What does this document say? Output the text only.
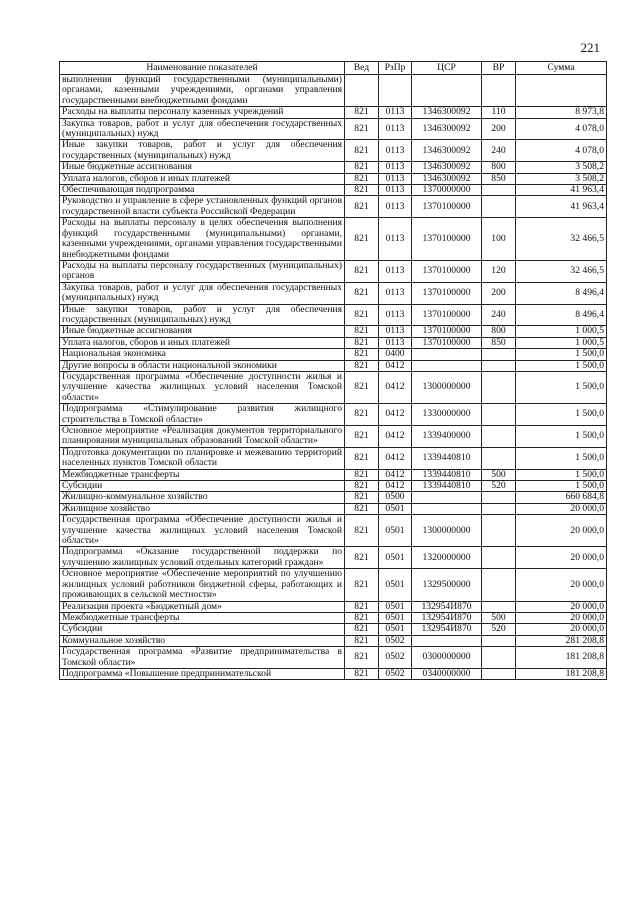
221
Наименование показателей	Вед	РзПр	ЦСР	ВР	Сумма
выполнения функций государственными (муниципальными) органами, казенными учреждениями, органами управления государственными внебюджетными фондами					
Расходы на выплаты персоналу казенных учреждений	821	0113	1346300092	110	8 973,8
Закупка товаров, работ и услуг для обеспечения государственных (муниципальных) нужд	821	0113	1346300092	200	4 078,0
Иные закупки товаров, работ и услуг для обеспечения государственных (муниципальных) нужд	821	0113	1346300092	240	4 078,0
Иные бюджетные ассигнования	821	0113	1346300092	800	3 508,2
Уплата налогов, сборов и иных платежей	821	0113	1346300092	850	3 508,2
Обеспечивающая подпрограмма	821	0113	1370000000		41 963,4
Руководство и управление в сфере установленных функций органов государственной власти субъекта Российской Федерации	821	0113	1370100000		41 963,4
Расходы на выплаты персоналу в целях обеспечения выполнения функций государственными (муниципальными) органами, казенными учреждениями, органами управления государственными внебюджетными фондами	821	0113	1370100000	100	32 466,5
Расходы на выплаты персоналу государственных (муниципальных) органов	821	0113	1370100000	120	32 466,5
Закупка товаров, работ и услуг для обеспечения государственных (муниципальных) нужд	821	0113	1370100000	200	8 496,4
Иные закупки товаров, работ и услуг для обеспечения государственных (муниципальных) нужд	821	0113	1370100000	240	8 496,4
Иные бюджетные ассигнования	821	0113	1370100000	800	1 000,5
Уплата налогов, сборов и иных платежей	821	0113	1370100000	850	1 000,5
Национальная экономика	821	0400			1 500,0
Другие вопросы в области национальной экономики	821	0412			1 500,0
Государственная программа «Обеспечение доступности жилья и улучшение качества жилищных условий населения Томской области»	821	0412	1300000000		1 500,0
Подпрограмма «Стимулирование развития жилищного строительства в Томской области»	821	0412	1330000000		1 500,0
Основное мероприятие «Реализация документов территориального планирования муниципальных образований Томской области»	821	0412	1339400000		1 500,0
Подготовка документации по планировке и межеванию территорий населенных пунктов Томской области	821	0412	1339440810		1 500,0
Межбюджетные трансферты	821	0412	1339440810	500	1 500,0
Субсидии	821	0412	1339440810	520	1 500,0
Жилищно-коммунальное хозяйство	821	0500			660 684,8
Жилищное хозяйство	821	0501			20 000,0
Государственная программа «Обеспечение доступности жилья и улучшение качества жилищных условий населения Томской области»	821	0501	1300000000		20 000,0
Подпрограмма «Оказание государственной поддержки по улучшению жилищных условий отдельных категорий граждан»	821	0501	1320000000		20 000,0
Основное мероприятие «Обеспечение мероприятий по улучшению жилищных условий работников бюджетной сферы, работающих и проживающих в сельской местности»	821	0501	1329500000		20 000,0
Реализация проекта «Бюджетный дом»	821	0501	132954И870		20 000,0
Межбюджетные трансферты	821	0501	132954И870	500	20 000,0
Субсидии	821	0501	132954И870	520	20 000,0
Коммунальное хозяйство	821	0502			281 208,8
Государственная программа «Развитие предпринимательства в Томской области»	821	0502	0300000000		181 208,8
Подпрограмма «Повышение предпринимательской	821	0502	0340000000		181 208,8
